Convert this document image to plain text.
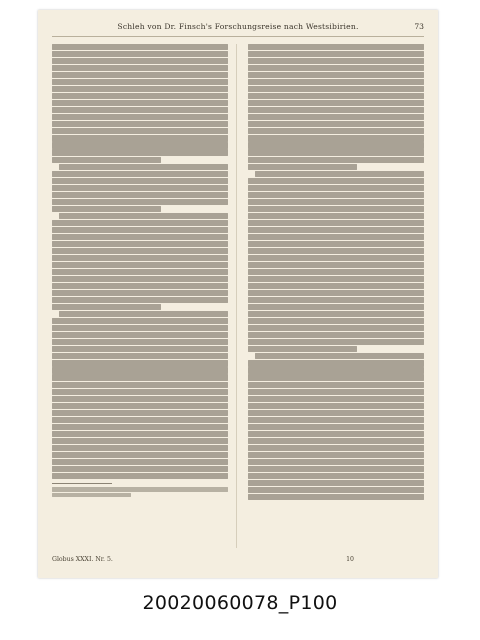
Schleh von Dr. Finsch's Forschungsreise nach Westsibirien.	73
Globus XXXI. Nr. 5.	10
20020060078_P100
